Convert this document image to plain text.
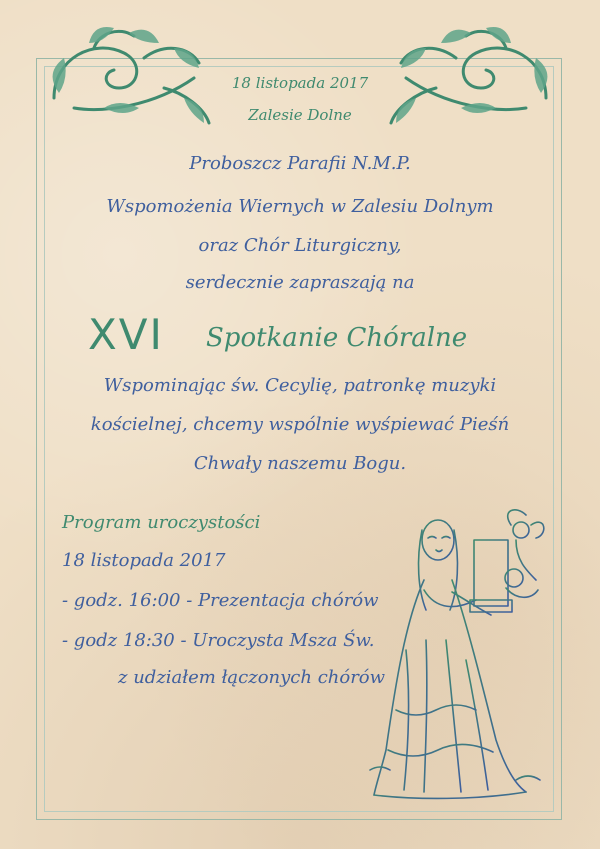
18 listopada 2017
Zalesie Dolne
Proboszcz Parafii N.M.P.
Wspomożenia Wiernych w Zalesiu Dolnym
oraz Chór Liturgiczny,
serdecznie zapraszają na
XVI Spotkanie Chóralne
Wspominając św. Cecylię, patronkę muzyki
kościelnej, chcemy wspólnie wyśpiewać Pieśń
Chwały naszemu Bogu.
Program uroczystości
18 listopada 2017
- godz. 16:00 - Prezentacja chórów
- godz 18:30 - Uroczysta Msza Św.
z udziałem łączonych chórów
